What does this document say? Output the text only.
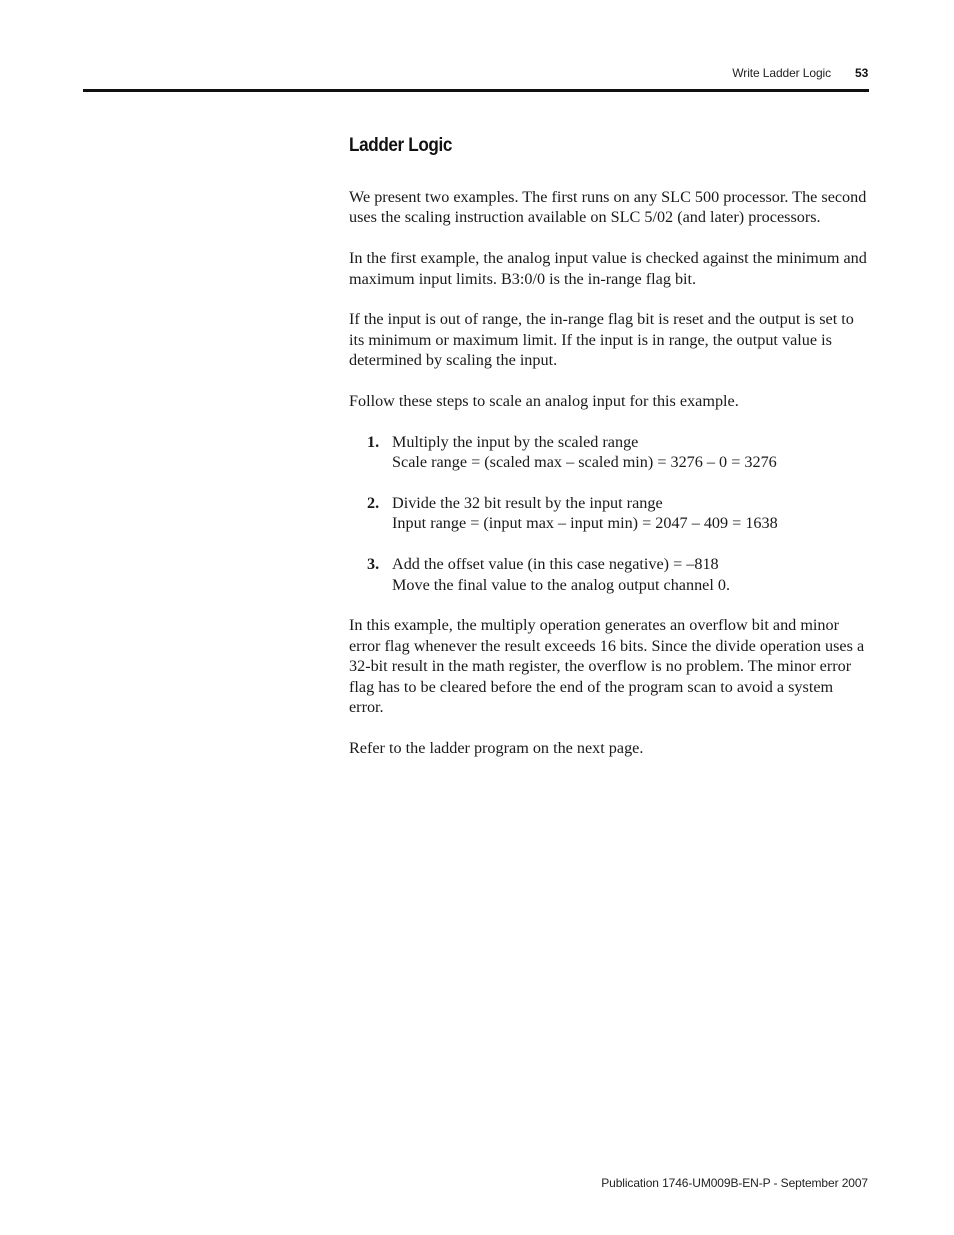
Write Ladder Logic 53
Ladder Logic

We present two examples. The first runs on any SLC 500 processor. The second uses the scaling instruction available on SLC 5/02 (and later) processors.

In the first example, the analog input value is checked against the minimum and maximum input limits. B3:0/0 is the in-range flag bit.

If the input is out of range, the in-range flag bit is reset and the output is set to its minimum or maximum limit. If the input is in range, the output value is determined by scaling the input.

Follow these steps to scale an analog input for this example.

1. Multiply the input by the scaled range
Scale range = (scaled max – scaled min) = 3276 – 0 = 3276
2. Divide the 32 bit result by the input range
Input range = (input max – input min) = 2047 – 409 = 1638
3. Add the offset value (in this case negative) = –818
Move the final value to the analog output channel 0.

In this example, the multiply operation generates an overflow bit and minor error flag whenever the result exceeds 16 bits. Since the divide operation uses a 32-bit result in the math register, the overflow is no problem. The minor error flag has to be cleared before the end of the program scan to avoid a system error.

Refer to the ladder program on the next page.

Publication 1746-UM009B-EN-P - September 2007
